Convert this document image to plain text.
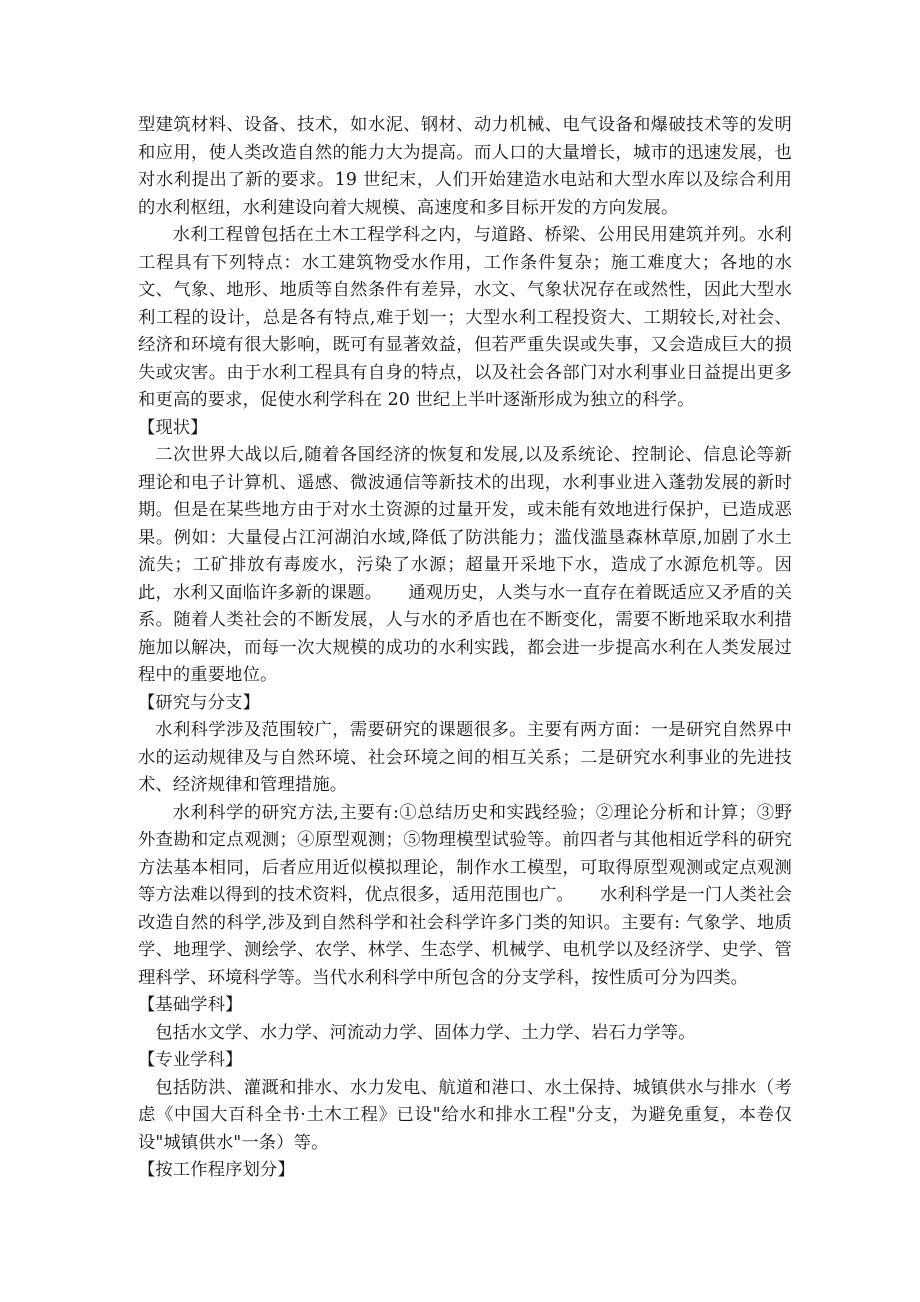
型建筑材料、设备、技术，如水泥、钢材、动力机械、电气设备和爆破技术等的发明和应用，使人类改造自然的能力大为提高。而人口的大量增长，城市的迅速发展，也对水利提出了新的要求。19 世纪末，人们开始建造水电站和大型水库以及综合利用的水利枢纽，水利建设向着大规模、高速度和多目标开发的方向发展。

水利工程曾包括在土木工程学科之内，与道路、桥梁、公用民用建筑并列。水利工程具有下列特点：水工建筑物受水作用，工作条件复杂；施工难度大；各地的水文、气象、地形、地质等自然条件有差异，水文、气象状况存在或然性，因此大型水利工程的设计，总是各有特点,难于划一；大型水利工程投资大、工期较长,对社会、经济和环境有很大影响，既可有显著效益，但若严重失误或失事，又会造成巨大的损失或灾害。由于水利工程具有自身的特点，以及社会各部门对水利事业日益提出更多和更高的要求，促使水利学科在 20 世纪上半叶逐渐形成为独立的科学。

【现状】

二次世界大战以后,随着各国经济的恢复和发展,以及系统论、控制论、信息论等新理论和电子计算机、遥感、微波通信等新技术的出现，水利事业进入蓬勃发展的新时期。但是在某些地方由于对水土资源的过量开发，或未能有效地进行保护，已造成恶果。例如：大量侵占江河湖泊水域,降低了防洪能力；滥伐滥垦森林草原,加剧了水土流失；工矿排放有毒废水，污染了水源；超量开采地下水，造成了水源危机等。因此，水利又面临许多新的课题。　　通观历史，人类与水一直存在着既适应又矛盾的关系。随着人类社会的不断发展，人与水的矛盾也在不断变化，需要不断地采取水利措施加以解决，而每一次大规模的成功的水利实践，都会进一步提高水利在人类发展过程中的重要地位。

【研究与分支】

水利科学涉及范围较广，需要研究的课题很多。主要有两方面：一是研究自然界中水的运动规律及与自然环境、社会环境之间的相互关系；二是研究水利事业的先进技术、经济规律和管理措施。

水利科学的研究方法,主要有:①总结历史和实践经验；②理论分析和计算；③野外查勘和定点观测；④原型观测；⑤物理模型试验等。前四者与其他相近学科的研究方法基本相同，后者应用近似模拟理论，制作水工模型，可取得原型观测或定点观测等方法难以得到的技术资料，优点很多，适用范围也广。　　水利科学是一门人类社会改造自然的科学,涉及到自然科学和社会科学许多门类的知识。主要有: 气象学、地质学、地理学、测绘学、农学、林学、生态学、机械学、电机学以及经济学、史学、管理科学、环境科学等。当代水利科学中所包含的分支学科，按性质可分为四类。

【基础学科】

包括水文学、水力学、河流动力学、固体力学、土力学、岩石力学等。

【专业学科】

包括防洪、灌溉和排水、水力发电、航道和港口、水土保持、城镇供水与排水（考虑《中国大百科全书·土木工程》已设"给水和排水工程"分支，为避免重复，本卷仅设"城镇供水"一条）等。

【按工作程序划分】
